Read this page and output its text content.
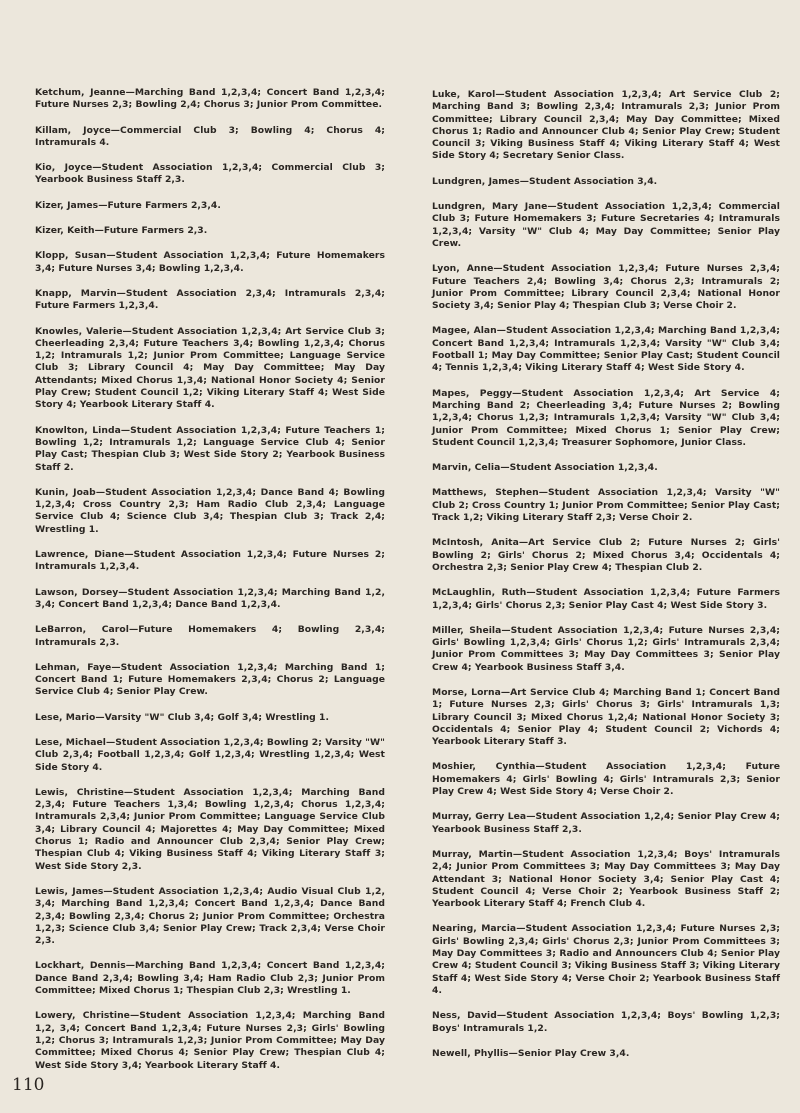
Ketchum, Jeanne—Marching Band 1,2,3,4; Concert Band 1,2,3,4; Future Nurses 2,3; Bowling 2,4; Chorus 3; Junior Prom Committee.

Killam, Joyce—Commercial Club 3; Bowling 4; Chorus 4; Intramurals 4.

Kio, Joyce—Student Association 1,2,3,4; Commercial Club 3; Yearbook Business Staff 2,3.

Kizer, James—Future Farmers 2,3,4.

Kizer, Keith—Future Farmers 2,3.

Klopp, Susan—Student Association 1,2,3,4; Future Homemakers 3,4; Future Nurses 3,4; Bowling 1,2,3,4.

Knapp, Marvin—Student Association 2,3,4; Intramurals 2,3,4; Future Farmers 1,2,3,4.

Knowles, Valerie—Student Association 1,2,3,4; Art Service Club 3; Cheerleading 2,3,4; Future Teachers 3,4; Bowling 1,2,3,4; Chorus 1,2; Intramurals 1,2; Junior Prom Committee; Language Service Club 3; Library Council 4; May Day Committee; May Day Attendants; Mixed Chorus 1,3,4; National Honor Society 4; Senior Play Crew; Student Council 1,2; Viking Literary Staff 4; West Side Story 4; Yearbook Literary Staff 4.

Knowlton, Linda—Student Association 1,2,3,4; Future Teachers 1; Bowling 1,2; Intramurals 1,2; Language Service Club 4; Senior Play Cast; Thespian Club 3; West Side Story 2; Yearbook Business Staff 2.

Kunin, Joab—Student Association 1,2,3,4; Dance Band 4; Bowling 1,2,3,4; Cross Country 2,3; Ham Radio Club 2,3,4; Language Service Club 4; Science Club 3,4; Thespian Club 3; Track 2,4; Wrestling 1.

Lawrence, Diane—Student Association 1,2,3,4; Future Nurses 2; Intramurals 1,2,3,4.

Lawson, Dorsey—Student Association 1,2,3,4; Marching Band 1,2, 3,4; Concert Band 1,2,3,4; Dance Band 1,2,3,4.

LeBarron, Carol—Future Homemakers 4; Bowling 2,3,4; Intramurals 2,3.

Lehman, Faye—Student Association 1,2,3,4; Marching Band 1; Concert Band 1; Future Homemakers 2,3,4; Chorus 2; Language Service Club 4; Senior Play Crew.

Lese, Mario—Varsity "W" Club 3,4; Golf 3,4; Wrestling 1.

Lese, Michael—Student Association 1,2,3,4; Bowling 2; Varsity "W" Club 2,3,4; Football 1,2,3,4; Golf 1,2,3,4; Wrestling 1,2,3,4; West Side Story 4.

Lewis, Christine—Student Association 1,2,3,4; Marching Band 2,3,4; Future Teachers 1,3,4; Bowling 1,2,3,4; Chorus 1,2,3,4; Intramurals 2,3,4; Junior Prom Committee; Language Service Club 3,4; Library Council 4; Majorettes 4; May Day Committee; Mixed Chorus 1; Radio and Announcer Club 2,3,4; Senior Play Crew; Thespian Club 4; Viking Business Staff 4; Viking Literary Staff 3; West Side Story 2,3.

Lewis, James—Student Association 1,2,3,4; Audio Visual Club 1,2, 3,4; Marching Band 1,2,3,4; Concert Band 1,2,3,4; Dance Band 2,3,4; Bowling 2,3,4; Chorus 2; Junior Prom Committee; Orchestra 1,2,3; Science Club 3,4; Senior Play Crew; Track 2,3,4; Verse Choir 2,3.

Lockhart, Dennis—Marching Band 1,2,3,4; Concert Band 1,2,3,4; Dance Band 2,3,4; Bowling 3,4; Ham Radio Club 2,3; Junior Prom Committee; Mixed Chorus 1; Thespian Club 2,3; Wrestling 1.

Lowery, Christine—Student Association 1,2,3,4; Marching Band 1,2, 3,4; Concert Band 1,2,3,4; Future Nurses 2,3; Girls' Bowling 1,2; Chorus 3; Intramurals 1,2,3; Junior Prom Committee; May Day Committee; Mixed Chorus 4; Senior Play Crew; Thespian Club 4; West Side Story 3,4; Yearbook Literary Staff 4.

Luke, Karol—Student Association 1,2,3,4; Art Service Club 2; Marching Band 3; Bowling 2,3,4; Intramurals 2,3; Junior Prom Committee; Library Council 2,3,4; May Day Committee; Mixed Chorus 1; Radio and Announcer Club 4; Senior Play Crew; Student Council 3; Viking Business Staff 4; Viking Literary Staff 4; West Side Story 4; Secretary Senior Class.

Lundgren, James—Student Association 3,4.

Lundgren, Mary Jane—Student Association 1,2,3,4; Commercial Club 3; Future Homemakers 3; Future Secretaries 4; Intramurals 1,2,3,4; Varsity "W" Club 4; May Day Committee; Senior Play Crew.

Lyon, Anne—Student Association 1,2,3,4; Future Nurses 2,3,4; Future Teachers 2,4; Bowling 3,4; Chorus 2,3; Intramurals 2; Junior Prom Committee; Library Council 2,3,4; National Honor Society 3,4; Senior Play 4; Thespian Club 3; Verse Choir 2.

Magee, Alan—Student Association 1,2,3,4; Marching Band 1,2,3,4; Concert Band 1,2,3,4; Intramurals 1,2,3,4; Varsity "W" Club 3,4; Football 1; May Day Committee; Senior Play Cast; Student Council 4; Tennis 1,2,3,4; Viking Literary Staff 4; West Side Story 4.

Mapes, Peggy—Student Association 1,2,3,4; Art Service 4; Marching Band 2; Cheerleading 3,4; Future Nurses 2; Bowling 1,2,3,4; Chorus 1,2,3; Intramurals 1,2,3,4; Varsity "W" Club 3,4; Junior Prom Committee; Mixed Chorus 1; Senior Play Crew; Student Council 1,2,3,4; Treasurer Sophomore, Junior Class.

Marvin, Celia—Student Association 1,2,3,4.

Matthews, Stephen—Student Association 1,2,3,4; Varsity "W" Club 2; Cross Country 1; Junior Prom Committee; Senior Play Cast; Track 1,2; Viking Literary Staff 2,3; Verse Choir 2.

McIntosh, Anita—Art Service Club 2; Future Nurses 2; Girls' Bowling 2; Girls' Chorus 2; Mixed Chorus 3,4; Occidentals 4; Orchestra 2,3; Senior Play Crew 4; Thespian Club 2.

McLaughlin, Ruth—Student Association 1,2,3,4; Future Farmers 1,2,3,4; Girls' Chorus 2,3; Senior Play Cast 4; West Side Story 3.

Miller, Sheila—Student Association 1,2,3,4; Future Nurses 2,3,4; Girls' Bowling 1,2,3,4; Girls' Chorus 1,2; Girls' Intramurals 2,3,4; Junior Prom Committees 3; May Day Committees 3; Senior Play Crew 4; Yearbook Business Staff 3,4.

Morse, Lorna—Art Service Club 4; Marching Band 1; Concert Band 1; Future Nurses 2,3; Girls' Chorus 3; Girls' Intramurals 1,3; Library Council 3; Mixed Chorus 1,2,4; National Honor Society 3; Occidentals 4; Senior Play 4; Student Council 2; Vichords 4; Yearbook Literary Staff 3.

Moshier, Cynthia—Student Association 1,2,3,4; Future Homemakers 4; Girls' Bowling 4; Girls' Intramurals 2,3; Senior Play Crew 4; West Side Story 4; Verse Choir 2.

Murray, Gerry Lea—Student Association 1,2,4; Senior Play Crew 4; Yearbook Business Staff 2,3.

Murray, Martin—Student Association 1,2,3,4; Boys' Intramurals 2,4; Junior Prom Committees 3; May Day Committees 3; May Day Attendant 3; National Honor Society 3,4; Senior Play Cast 4; Student Council 4; Verse Choir 2; Yearbook Business Staff 2; Yearbook Literary Staff 4; French Club 4.

Nearing, Marcia—Student Association 1,2,3,4; Future Nurses 2,3; Girls' Bowling 2,3,4; Girls' Chorus 2,3; Junior Prom Committees 3; May Day Committees 3; Radio and Announcers Club 4; Senior Play Crew 4; Student Council 3; Viking Business Staff 3; Viking Literary Staff 4; West Side Story 4; Verse Choir 2; Yearbook Business Staff 4.

Ness, David—Student Association 1,2,3,4; Boys' Bowling 1,2,3; Boys' Intramurals 1,2.

Newell, Phyllis—Senior Play Crew 3,4.

110
